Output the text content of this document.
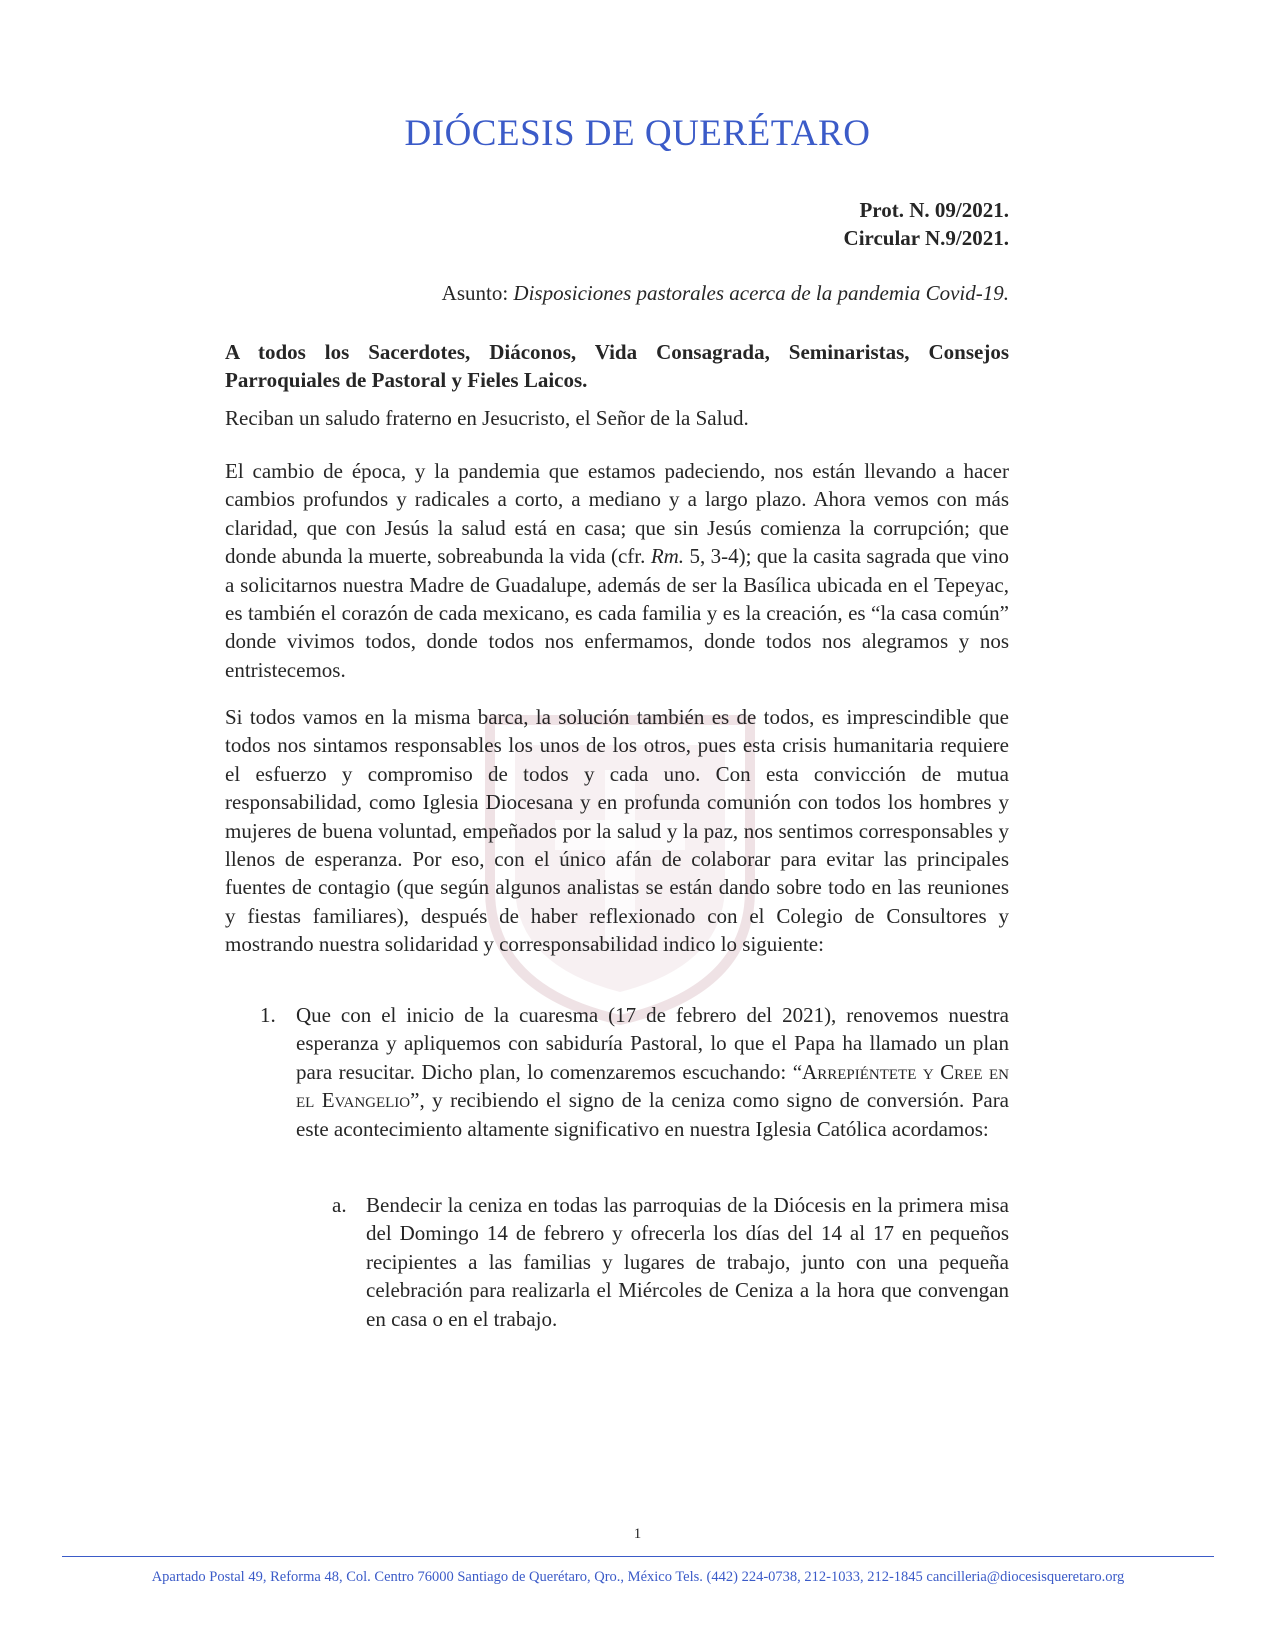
DIÓCESIS DE QUERÉTARO
Prot. N. 09/2021.
Circular N.9/2021.
Asunto: Disposiciones pastorales acerca de la pandemia Covid-19.

A todos los Sacerdotes, Diáconos, Vida Consagrada, Seminaristas, Consejos Parroquiales de Pastoral y Fieles Laicos.

Reciban un saludo fraterno en Jesucristo, el Señor de la Salud.

El cambio de época, y la pandemia que estamos padeciendo, nos están llevando a hacer cambios profundos y radicales a corto, a mediano y a largo plazo. Ahora vemos con más claridad, que con Jesús la salud está en casa; que sin Jesús comienza la corrupción; que donde abunda la muerte, sobreabunda la vida (cfr. Rm. 5, 3-4); que la casita sagrada que vino a solicitarnos nuestra Madre de Guadalupe, además de ser la Basílica ubicada en el Tepeyac, es también el corazón de cada mexicano, es cada familia y es la creación, es “la casa común” donde vivimos todos, donde todos nos enfermamos, donde todos nos alegramos y nos entristecemos.

Si todos vamos en la misma barca, la solución también es de todos, es imprescindible que todos nos sintamos responsables los unos de los otros, pues esta crisis humanitaria requiere el esfuerzo y compromiso de todos y cada uno. Con esta convicción de mutua responsabilidad, como Iglesia Diocesana y en profunda comunión con todos los hombres y mujeres de buena voluntad, empeñados por la salud y la paz, nos sentimos corresponsables y llenos de esperanza. Por eso, con el único afán de colaborar para evitar las principales fuentes de contagio (que según algunos analistas se están dando sobre todo en las reuniones y fiestas familiares), después de haber reflexionado con el Colegio de Consultores y mostrando nuestra solidaridad y corresponsabilidad indico lo siguiente:

1. Que con el inicio de la cuaresma (17 de febrero del 2021), renovemos nuestra esperanza y apliquemos con sabiduría Pastoral, lo que el Papa ha llamado un plan para resucitar. Dicho plan, lo comenzaremos escuchando: “Arrepiéntete y Cree en el Evangelio”, y recibiendo el signo de la ceniza como signo de conversión. Para este acontecimiento altamente significativo en nuestra Iglesia Católica acordamos:

a. Bendecir la ceniza en todas las parroquias de la Diócesis en la primera misa del Domingo 14 de febrero y ofrecerla los días del 14 al 17 en pequeños recipientes a las familias y lugares de trabajo, junto con una pequeña celebración para realizarla el Miércoles de Ceniza a la hora que convengan en casa o en el trabajo.

1
Apartado Postal 49, Reforma 48, Col. Centro 76000 Santiago de Querétaro, Qro., México Tels. (442) 224-0738, 212-1033, 212-1845 cancilleria@diocesisqueretaro.org
